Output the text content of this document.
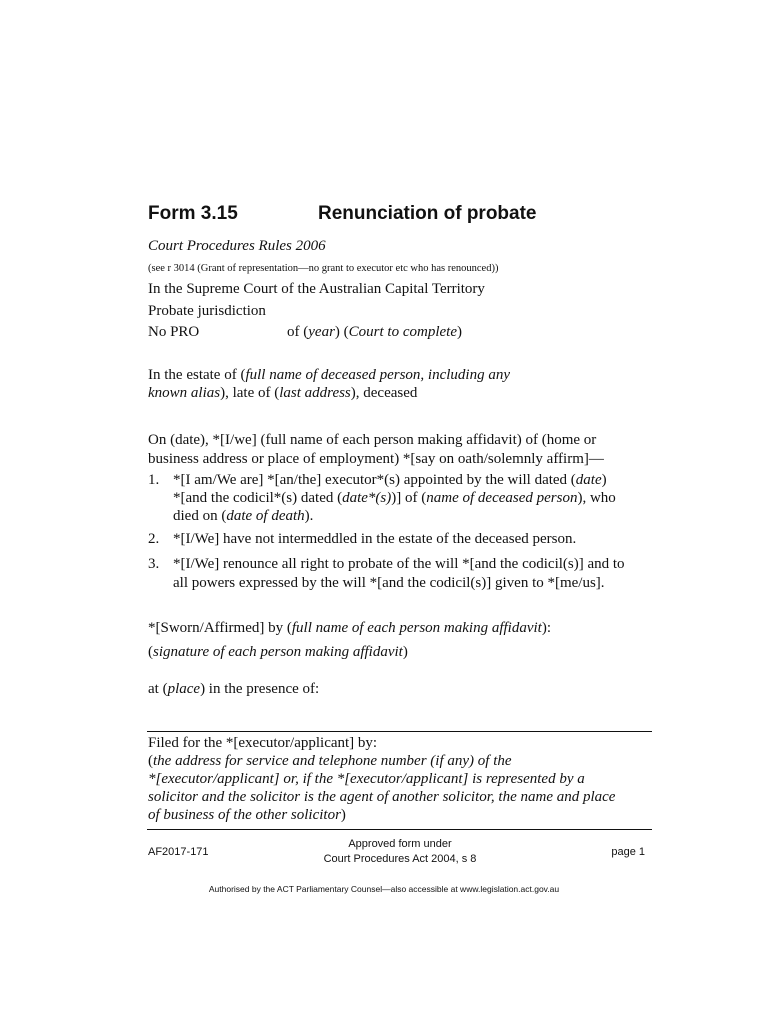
Form 3.15	Renunciation of probate
Court Procedures Rules 2006
(see r 3014 (Grant of representation—no grant to executor etc who has renounced))
In the Supreme Court of the Australian Capital Territory
Probate jurisdiction
No PRO	of (year) (Court to complete)
In the estate of (full name of deceased person, including any
known alias), late of (last address), deceased
On (date), *[I/we] (full name of each person making affidavit) of (home or
business address or place of employment) *[say on oath/solemnly affirm]—
1. *[I am/We are] *[an/the] executor*(s) appointed by the will dated (date)
*[and the codicil*(s) dated (date*(s))] of (name of deceased person), who
died on (date of death).
2. *[I/We] have not intermeddled in the estate of the deceased person.
3. *[I/We] renounce all right to probate of the will *[and the codicil(s)] and to
all powers expressed by the will *[and the codicil(s)] given to *[me/us].
*[Sworn/Affirmed] by (full name of each person making affidavit):
(signature of each person making affidavit)
at (place) in the presence of:
Filed for the *[executor/applicant] by:
(the address for service and telephone number (if any) of the
*[executor/applicant] or, if the *[executor/applicant] is represented by a
solicitor and the solicitor is the agent of another solicitor, the name and place
of business of the other solicitor)
AF2017-171
Approved form under
Court Procedures Act 2004, s 8
page 1
Authorised by the ACT Parliamentary Counsel—also accessible at www.legislation.act.gov.au
